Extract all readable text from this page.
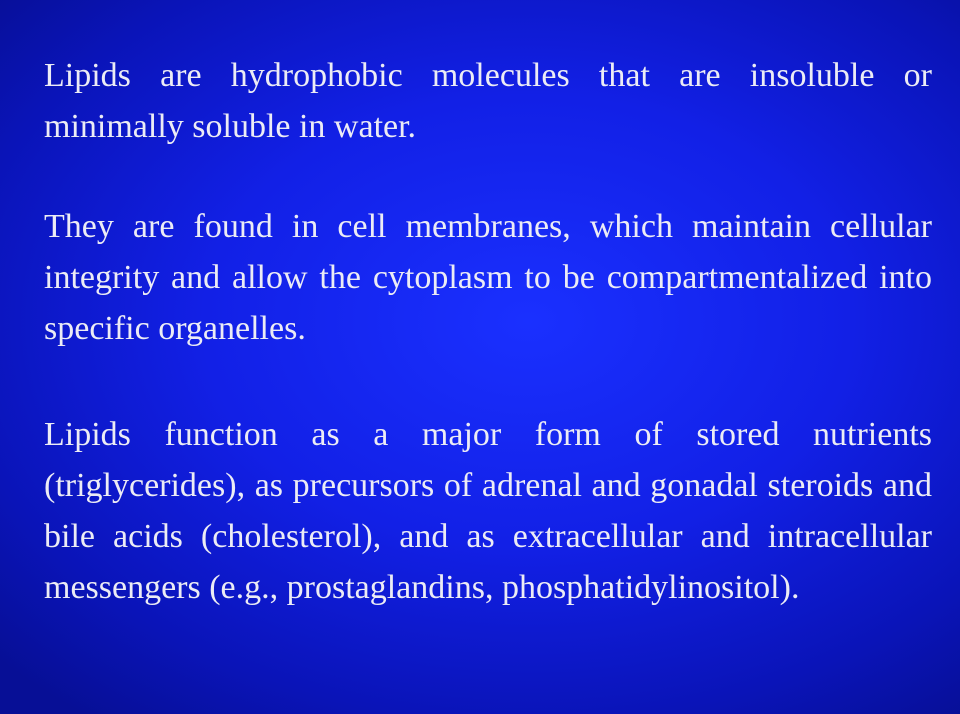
Lipids are hydrophobic molecules that are insoluble or minimally soluble in water.

They are found in cell membranes, which maintain cellular integrity and allow the cytoplasm to be compartmentalized into specific organelles.

Lipids function as a major form of stored nutrients (triglycerides), as precursors of adrenal and gonadal steroids and bile acids (cholesterol), and as extracellular and intracellular messengers (e.g., prostaglandins, phosphatidylinositol).
